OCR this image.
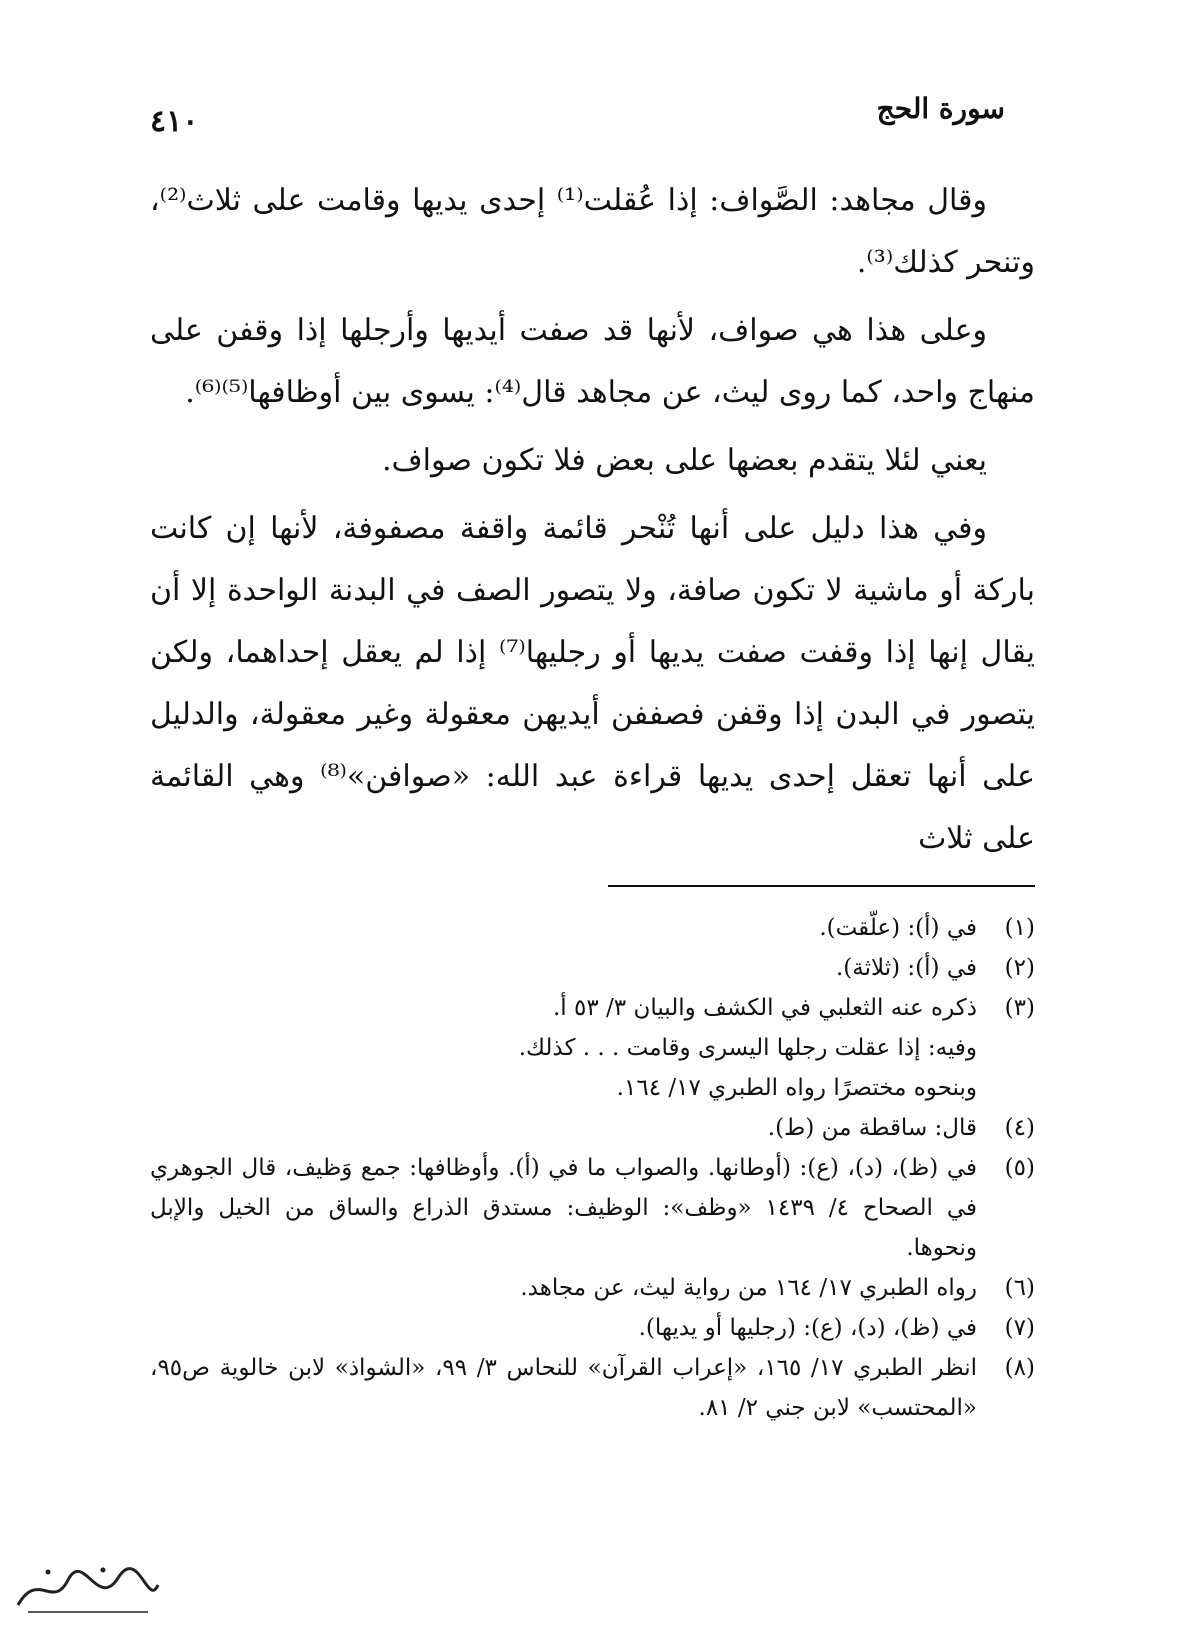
٤١٠	سورة الحج

وقال مجاهد: الصَّواف: إذا عُقلت⁽¹⁾ إحدى يديها وقامت على ثلاث⁽²⁾، وتنحر كذلك⁽³⁾.

وعلى هذا هي صواف، لأنها قد صفت أيديها وأرجلها إذا وقفن على منهاج واحد، كما روى ليث، عن مجاهد قال⁽⁴⁾: يسوى بين أوظافها⁽⁵⁾⁽⁶⁾.

يعني لئلا يتقدم بعضها على بعض فلا تكون صواف.

وفي هذا دليل على أنها تُنْحر قائمة واقفة مصفوفة، لأنها إن كانت باركة أو ماشية لا تكون صافة، ولا يتصور الصف في البدنة الواحدة إلا أن يقال إنها إذا وقفت صفت يديها أو رجليها⁽⁷⁾ إذا لم يعقل إحداهما، ولكن يتصور في البدن إذا وقفن فصففن أيديهن معقولة وغير معقولة، والدليل على أنها تعقل إحدى يديها قراءة عبد الله: «صوافن»⁽⁸⁾ وهي القائمة على ثلاث

(١)
في (أ): (علّقت).
(٢)
في (أ): (ثلاثة).
(٣)
ذكره عنه الثعلبي في الكشف والبيان ٣/ ٥٣ أ.
وفيه: إذا عقلت رجلها اليسرى وقامت . . . كذلك.
وبنحوه مختصرًا رواه الطبري ١٧/ ١٦٤.
(٤)
قال: ساقطة من (ط).
(٥)
في (ظ)، (د)، (ع): (أوطانها. والصواب ما في (أ). وأوظافها: جمع وَظيف، قال الجوهري في الصحاح ٤/ ١٤٣٩ «وظف»: الوظيف: مستدق الذراع والساق من الخيل والإبل ونحوها.
(٦)
رواه الطبري ١٧/ ١٦٤ من رواية ليث، عن مجاهد.
(٧)
في (ظ)، (د)، (ع): (رجليها أو يديها).
(٨)
انظر الطبري ١٧/ ١٦٥، «إعراب القرآن» للنحاس ٣/ ٩٩، «الشواذ» لابن خالوية ص٩٥، «المحتسب» لابن جني ٢/ ٨١.
